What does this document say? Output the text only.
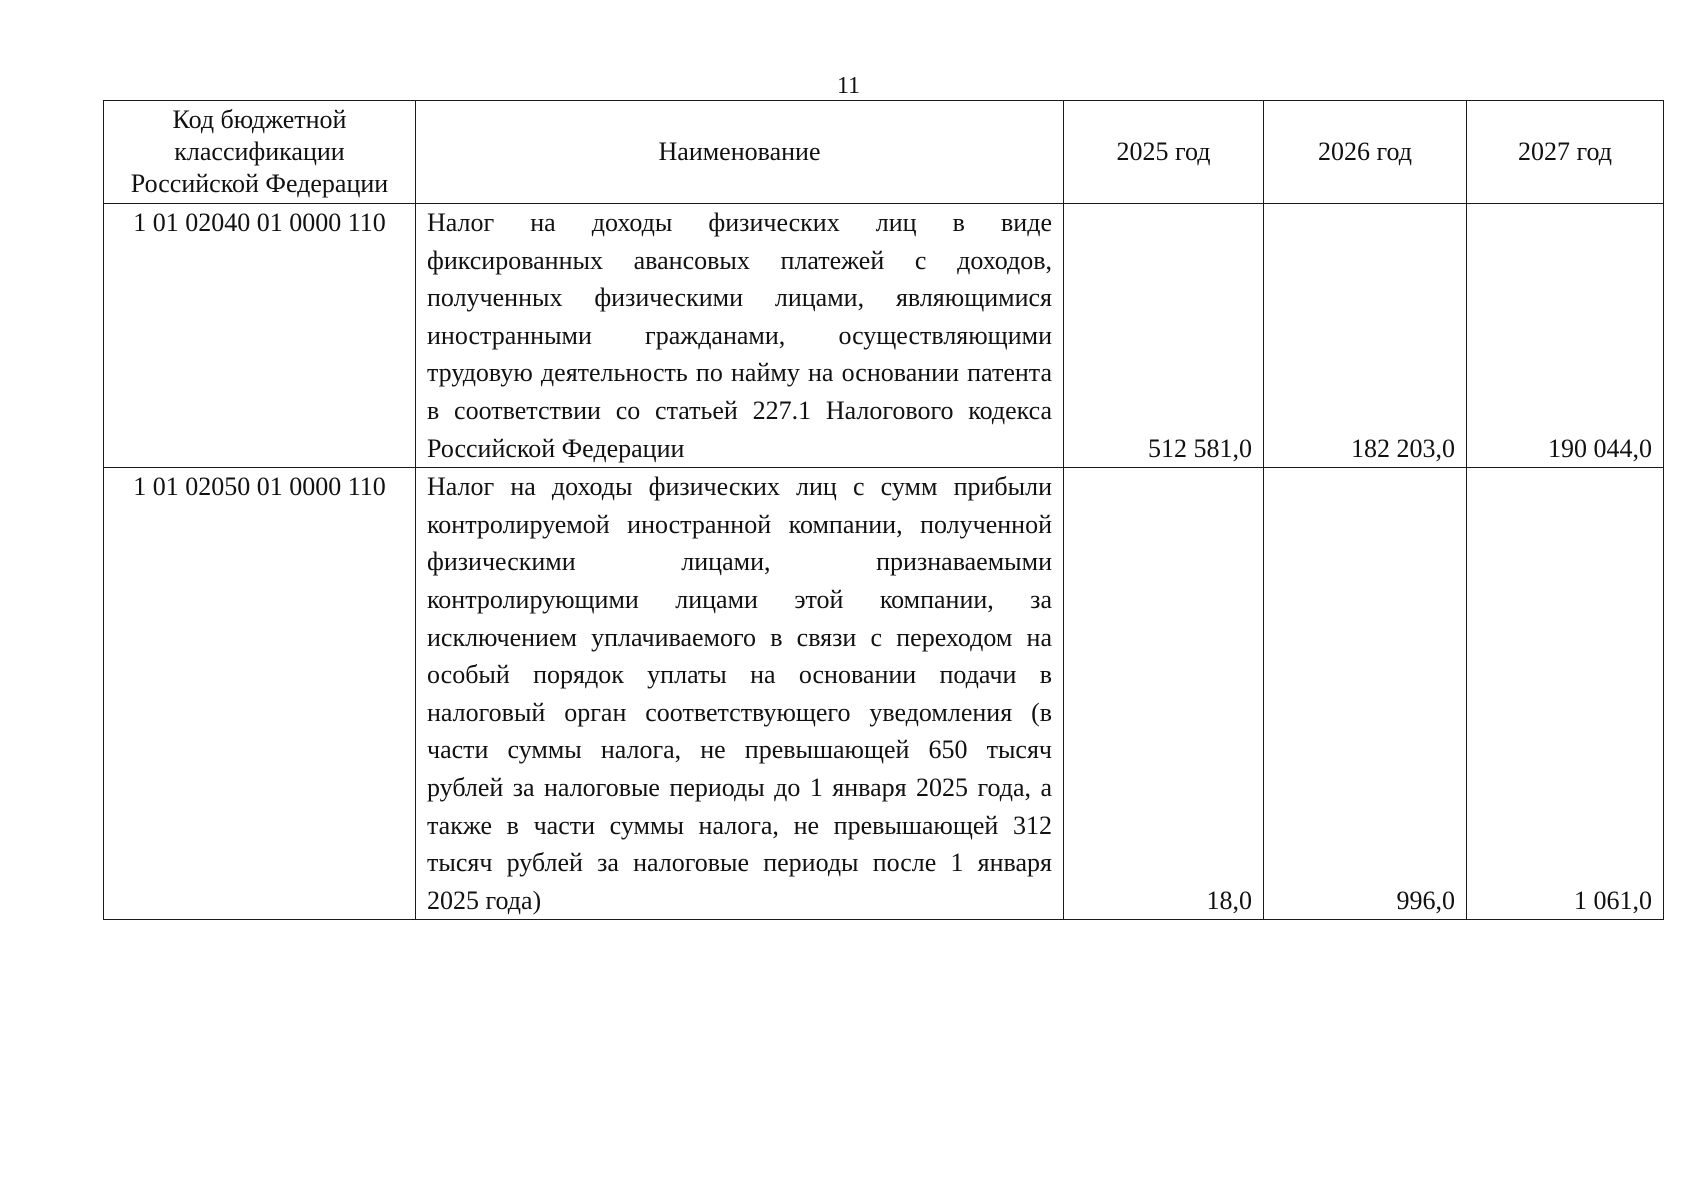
11
Код бюджетной классификации Российской Федерации	Наименование	2025 год	2026 год	2027 год
1 01 02040 01 0000 110	Налог на доходы физических лиц в виде фиксированных авансовых платежей с доходов, полученных физическими лицами, являющимися иностранными гражданами, осуществляющими трудовую деятельность по найму на основании патента в соответствии со статьей 227.1 Налогового кодекса Российской Федерации	512 581,0	182 203,0	190 044,0
1 01 02050 01 0000 110	Налог на доходы физических лиц с сумм прибыли контролируемой иностранной компании, полученной физическими лицами, признаваемыми контролирующими лицами этой компании, за исключением уплачиваемого в связи с переходом на особый порядок уплаты на основании подачи в налоговый орган соответствующего уведомления (в части суммы налога, не превышающей 650 тысяч рублей за налоговые периоды до 1 января 2025 года, а также в части суммы налога, не превышающей 312 тысяч рублей за налоговые периоды после 1 января 2025 года)	18,0	996,0	1 061,0
